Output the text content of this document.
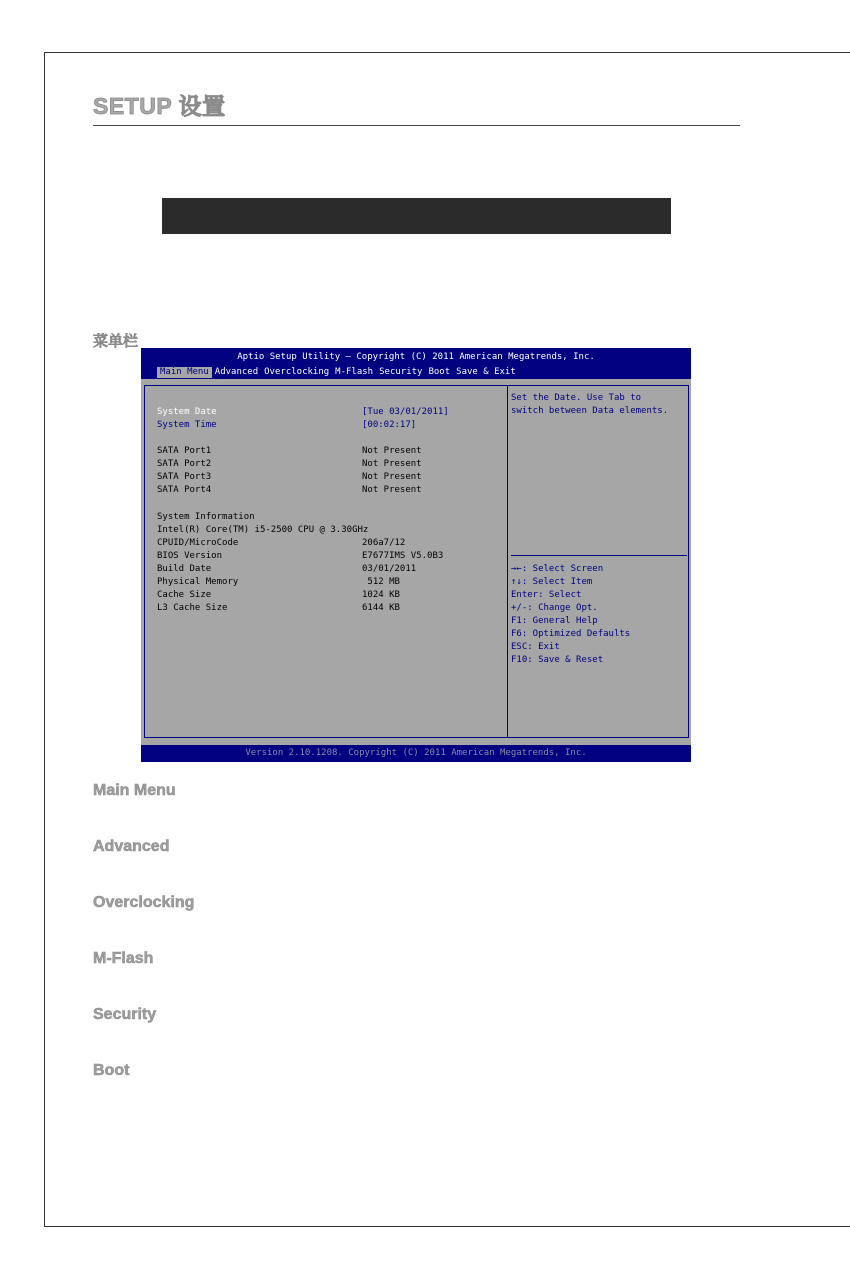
SETUP 设置
菜单栏
Aptio Setup Utility – Copyright (C) 2011 American Megatrends, Inc.
Main Menu Advanced Overclocking M-Flash Security Boot Save & Exit
System Date	[Tue 03/01/2011]
System Time	[00:02:17]
SATA Port1	Not Present
SATA Port2	Not Present
SATA Port3	Not Present
SATA Port4	Not Present
System Information
Intel(R) Core(TM) i5-2500 CPU @ 3.30GHz
CPUID/MicroCode	206a7/12
BIOS Version	E7677IMS V5.0B3
Build Date	03/01/2011
Physical Memory	512 MB
Cache Size	1024 KB
L3 Cache Size	6144 KB
Set the Date. Use Tab to
switch between Data elements.
→←: Select Screen
↑↓: Select Item
Enter: Select
+/-: Change Opt.
F1: General Help
F6: Optimized Defaults
ESC: Exit
F10: Save & Reset
Version 2.10.1208. Copyright (C) 2011 American Megatrends, Inc.
Main Menu
Advanced
Overclocking
M-Flash
Security
Boot
